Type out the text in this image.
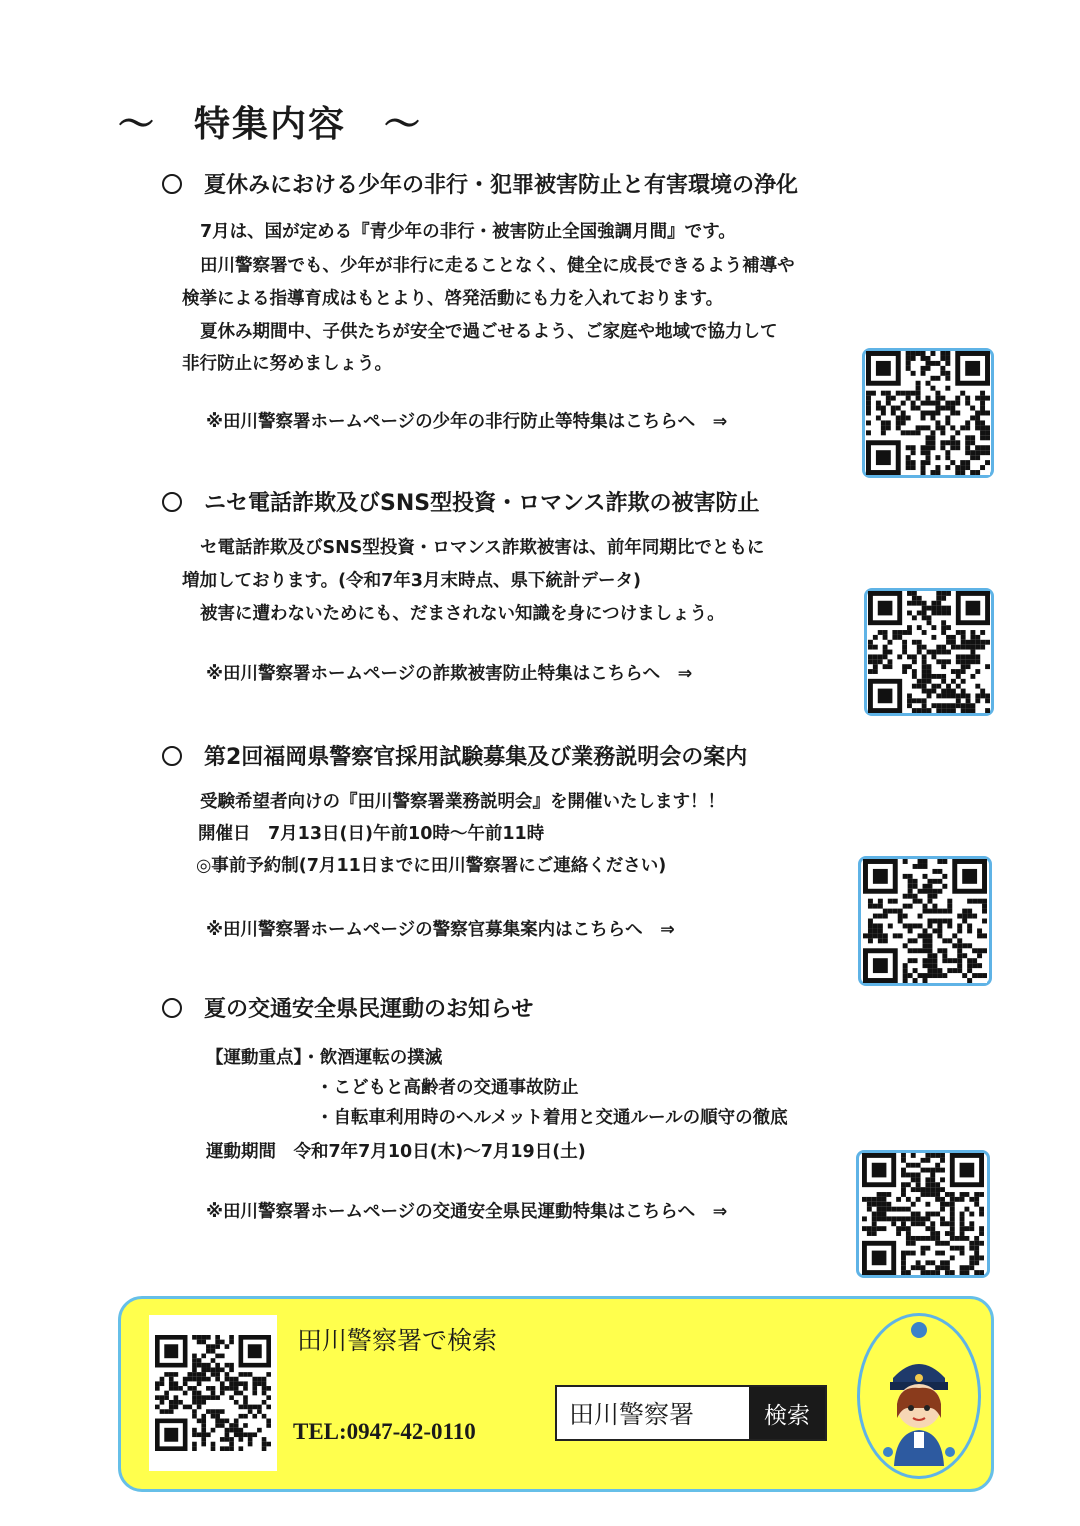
～　特集内容　～
夏休みにおける少年の非行・犯罪被害防止と有害環境の浄化
7月は、国が定める『青少年の非行・被害防止全国強調月間』です。
田川警察署でも、少年が非行に走ることなく、健全に成長できるよう補導や
検挙による指導育成はもとより、啓発活動にも力を入れております。
夏休み期間中、子供たちが安全で過ごせるよう、ご家庭や地域で協力して
非行防止に努めましょう。
※田川警察署ホームページの少年の非行防止等特集はこちらへ　⇒
ニセ電話詐欺及びSNS型投資・ロマンス詐欺の被害防止
セ電話詐欺及びSNS型投資・ロマンス詐欺被害は、前年同期比でともに
増加しております。(令和7年3月末時点、県下統計データ)
被害に遭わないためにも、だまされない知識を身につけましょう。
※田川警察署ホームページの詐欺被害防止特集はこちらへ　⇒
第2回福岡県警察官採用試験募集及び業務説明会の案内
受験希望者向けの『田川警察署業務説明会』を開催いたします！！
開催日　7月13日(日)午前10時～午前11時
◎事前予約制(7月11日までに田川警察署にご連絡ください)
※田川警察署ホームページの警察官募集案内はこちらへ　⇒
夏の交通安全県民運動のお知らせ
【運動重点】・飲酒運転の撲滅
・こどもと高齢者の交通事故防止
・自転車利用時のヘルメット着用と交通ルールの順守の徹底
運動期間　令和7年7月10日(木)～7月19日(土)
※田川警察署ホームページの交通安全県民運動特集はこちらへ　⇒
田川警察署で検索
TEL:0947-42-0110
田川警察署	検索
